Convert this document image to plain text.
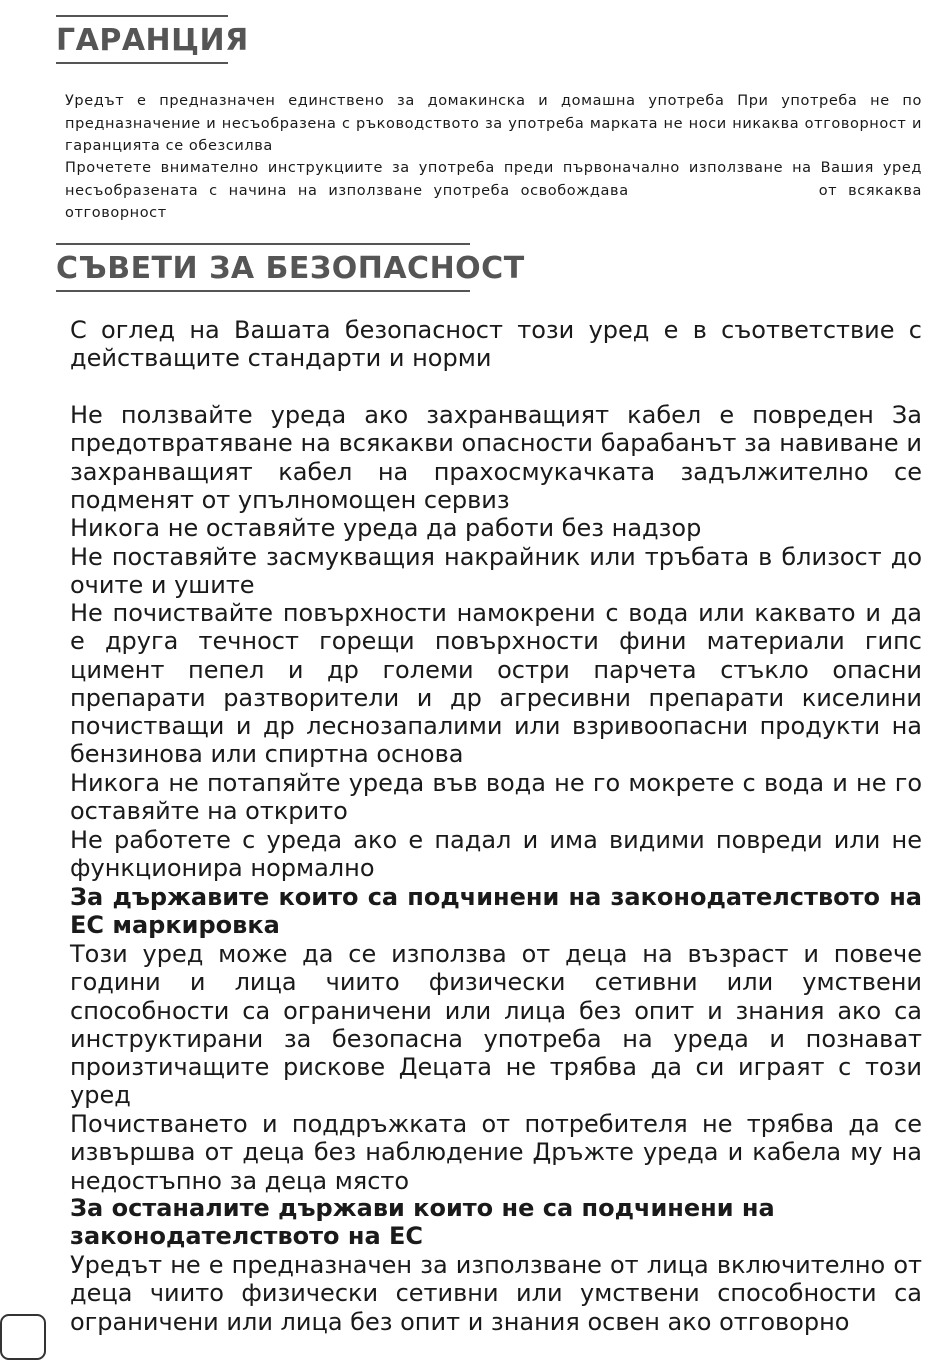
ГАРАНЦИЯ

Уредът е предназначен единствено за домакинска и домашна употреба При употреба не по предназначение и несъобразена с ръководството за употреба марката не носи никаква отговорност и гаранцията се обезсилва

Прочетете внимателно инструкциите за употреба преди първоначално използване на Вашия уред несъобразената с начина на използване употреба освобождава	от всякаква отговорност

СЪВЕТИ ЗА БЕЗОПАСНОСТ

С оглед на Вашата безопасност този уред е в съответствие с действащите стандарти и норми

Не ползвайте уреда ако захранващият кабел е повреден За предотвратяване на всякакви опасности барабанът за навиване и захранващият кабел на прахосмукачката задължително се подменят от упълномощен сервиз

Никога не оставяйте уреда да работи без надзор

Не поставяйте засмукващия накрайник или тръбата в близост до очите и ушите

Не почиствайте повърхности намокрени с вода или каквато и да е друга течност горещи повърхности фини материали гипс цимент пепел и др големи остри парчета стъкло опасни препарати разтворители и др агресивни препарати киселини почистващи и др леснозапалими или взривоопасни продукти на бензинова или спиртна основа

Никога не потапяйте уреда във вода не го мокрете с вода и не го оставяйте на открито

Не работете с уреда ако е падал и има видими повреди или не функционира нормално

За държавите които са подчинени на законодателството на ЕС маркировка

Този уред може да се използва от деца на възраст и повече години и лица чиито физически сетивни или умствени способности са ограничени или лица без опит и знания ако са инструктирани за безопасна употреба на уреда и познават произтичащите рискове Децата не трябва да си играят с този уред

Почистването и поддръжката от потребителя не трябва да се извършва от деца без наблюдение Дръжте уреда и кабела му на недостъпно за деца място

За останалите държави които не са подчинени на законодателството на ЕС

Уредът не е предназначен за използване от лица включително от деца чиито физически сетивни или умствени способности са ограничени или лица без опит и знания освен ако отговорно
